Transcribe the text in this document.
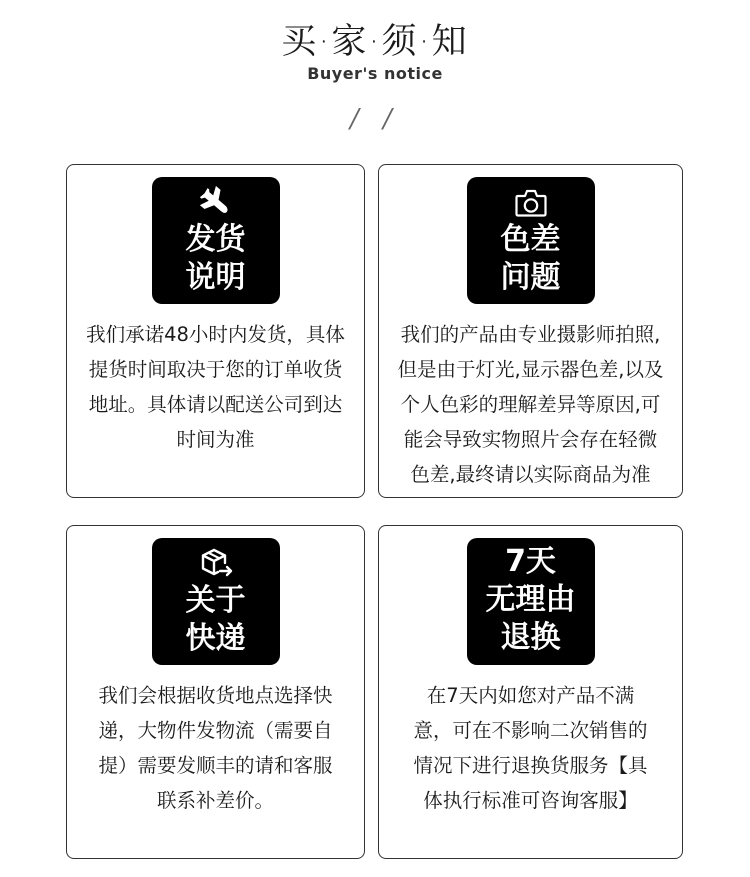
买·家·须·知
Buyer's notice
/ /
发货
说明
我们承诺48小时内发货，具体
提货时间取决于您的订单收货
地址。具体请以配送公司到达
时间为准
色差
问题
我们的产品由专业摄影师拍照,
但是由于灯光,显示器色差,以及
个人色彩的理解差异等原因,可
能会导致实物照片会存在轻微
色差,最终请以实际商品为准
关于
快递
我们会根据收货地点选择快
递，大物件发物流（需要自
提）需要发顺丰的请和客服
联系补差价。
7天
无理由
退换
在7天内如您对产品不满
意，可在不影响二次销售的
情况下进行退换货服务【具
体执行标准可咨询客服】
